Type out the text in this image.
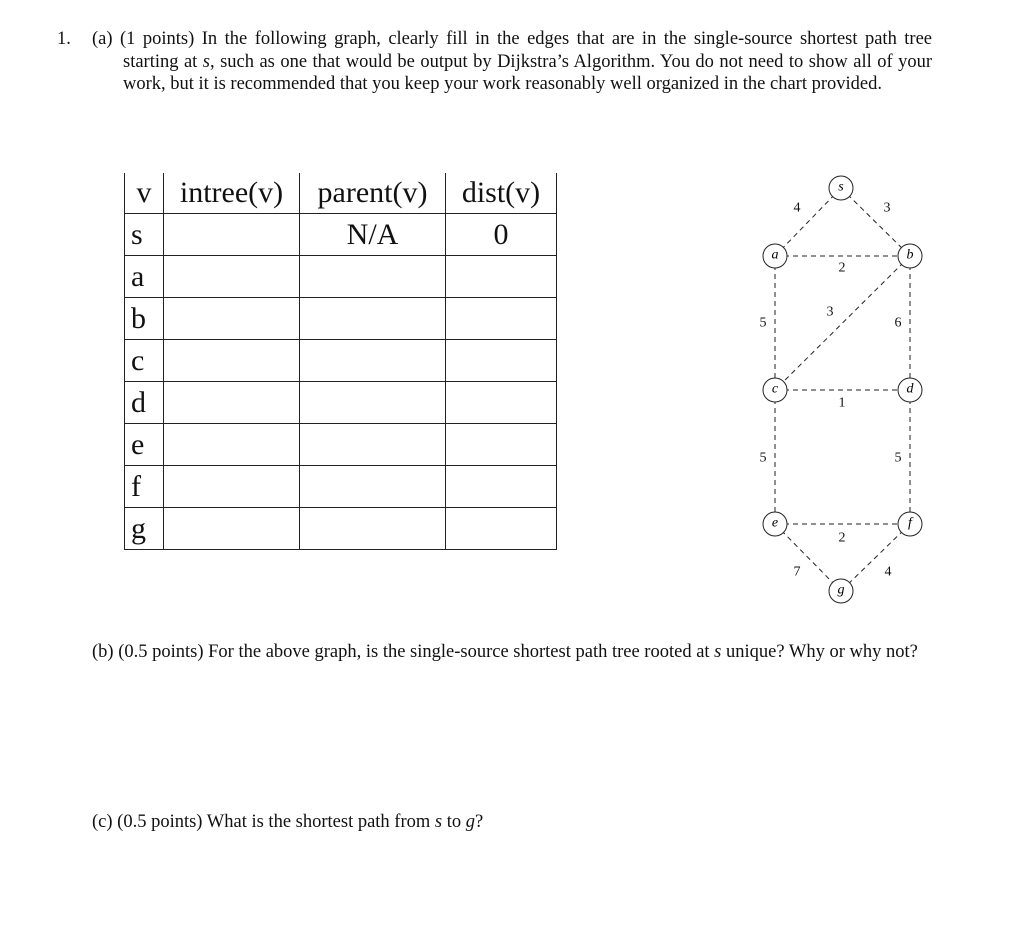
1. (a) (1 points) In the following graph, clearly fill in the edges that are in the single-source shortest path tree starting at s, such as one that would be output by Dijkstra’s Algorithm. You do not need to show all of your work, but it is recommended that you keep your work reasonably well organized in the chart provided.

v	intree(v)	parent(v)	dist(v)
s		N/A	0
a			
b			
c			
d			
e			
f			
g			
4	3
2
5
3
6
1
5	5
2
7	4
s
a	b
c	d
e	f
g

(b) (0.5 points) For the above graph, is the single-source shortest path tree rooted at s unique? Why or why not?

(c) (0.5 points) What is the shortest path from s to g?
